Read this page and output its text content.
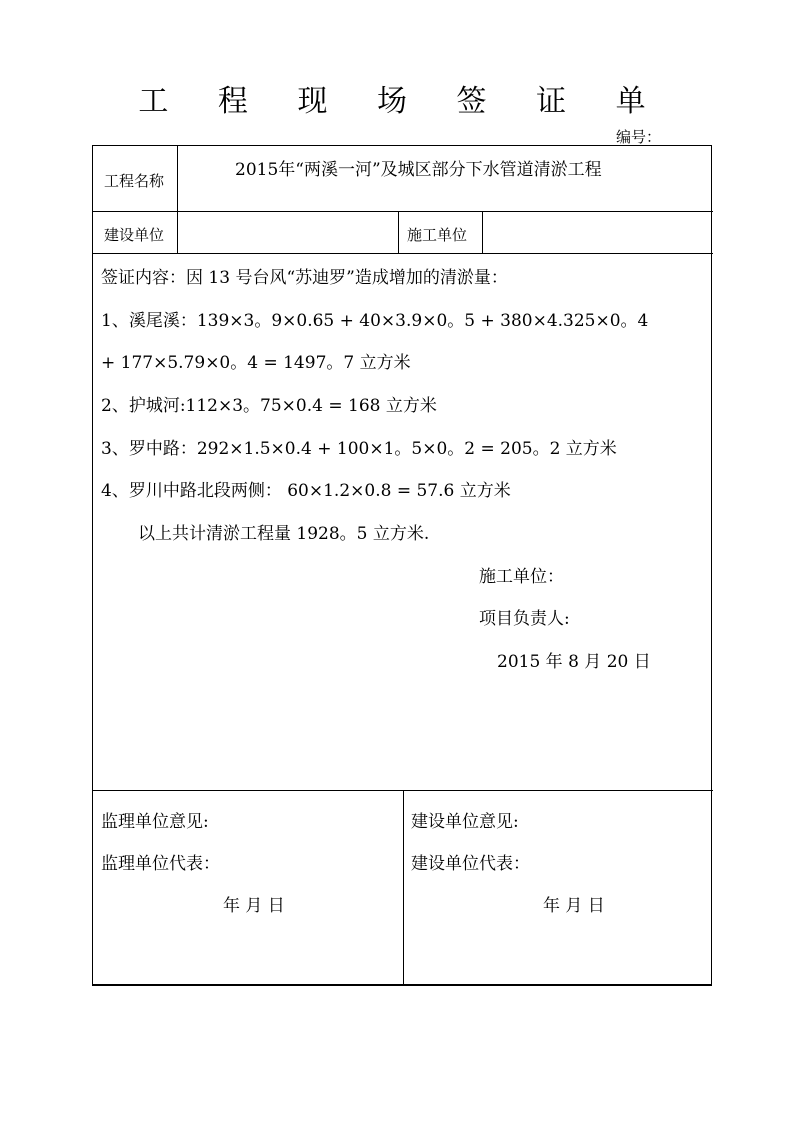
工 程 现 场 签 证 单
编号：
工程名称
2015年“两溪一河”及城区部分下水管道清淤工程
建设单位	施工单位
签证内容：因 13 号台风“苏迪罗”造成增加的清淤量：
1、溪尾溪：139×3。9×0.65 + 40×3.9×0。5 + 380×4.325×0。4
+ 177×5.79×0。4 = 1497。7 立方米
2、护城河:112×3。75×0.4 = 168 立方米
3、罗中路：292×1.5×0.4 + 100×1。5×0。2 = 205。2 立方米
4、罗川中路北段两侧： 60×1.2×0.8 = 57.6 立方米
以上共计清淤工程量 1928。5 立方米.
施工单位：
项目负责人:
2015 年 8 月 20 日
监理单位意见:
监理单位代表：
年 月 日
建设单位意见:
建设单位代表：
年 月 日
